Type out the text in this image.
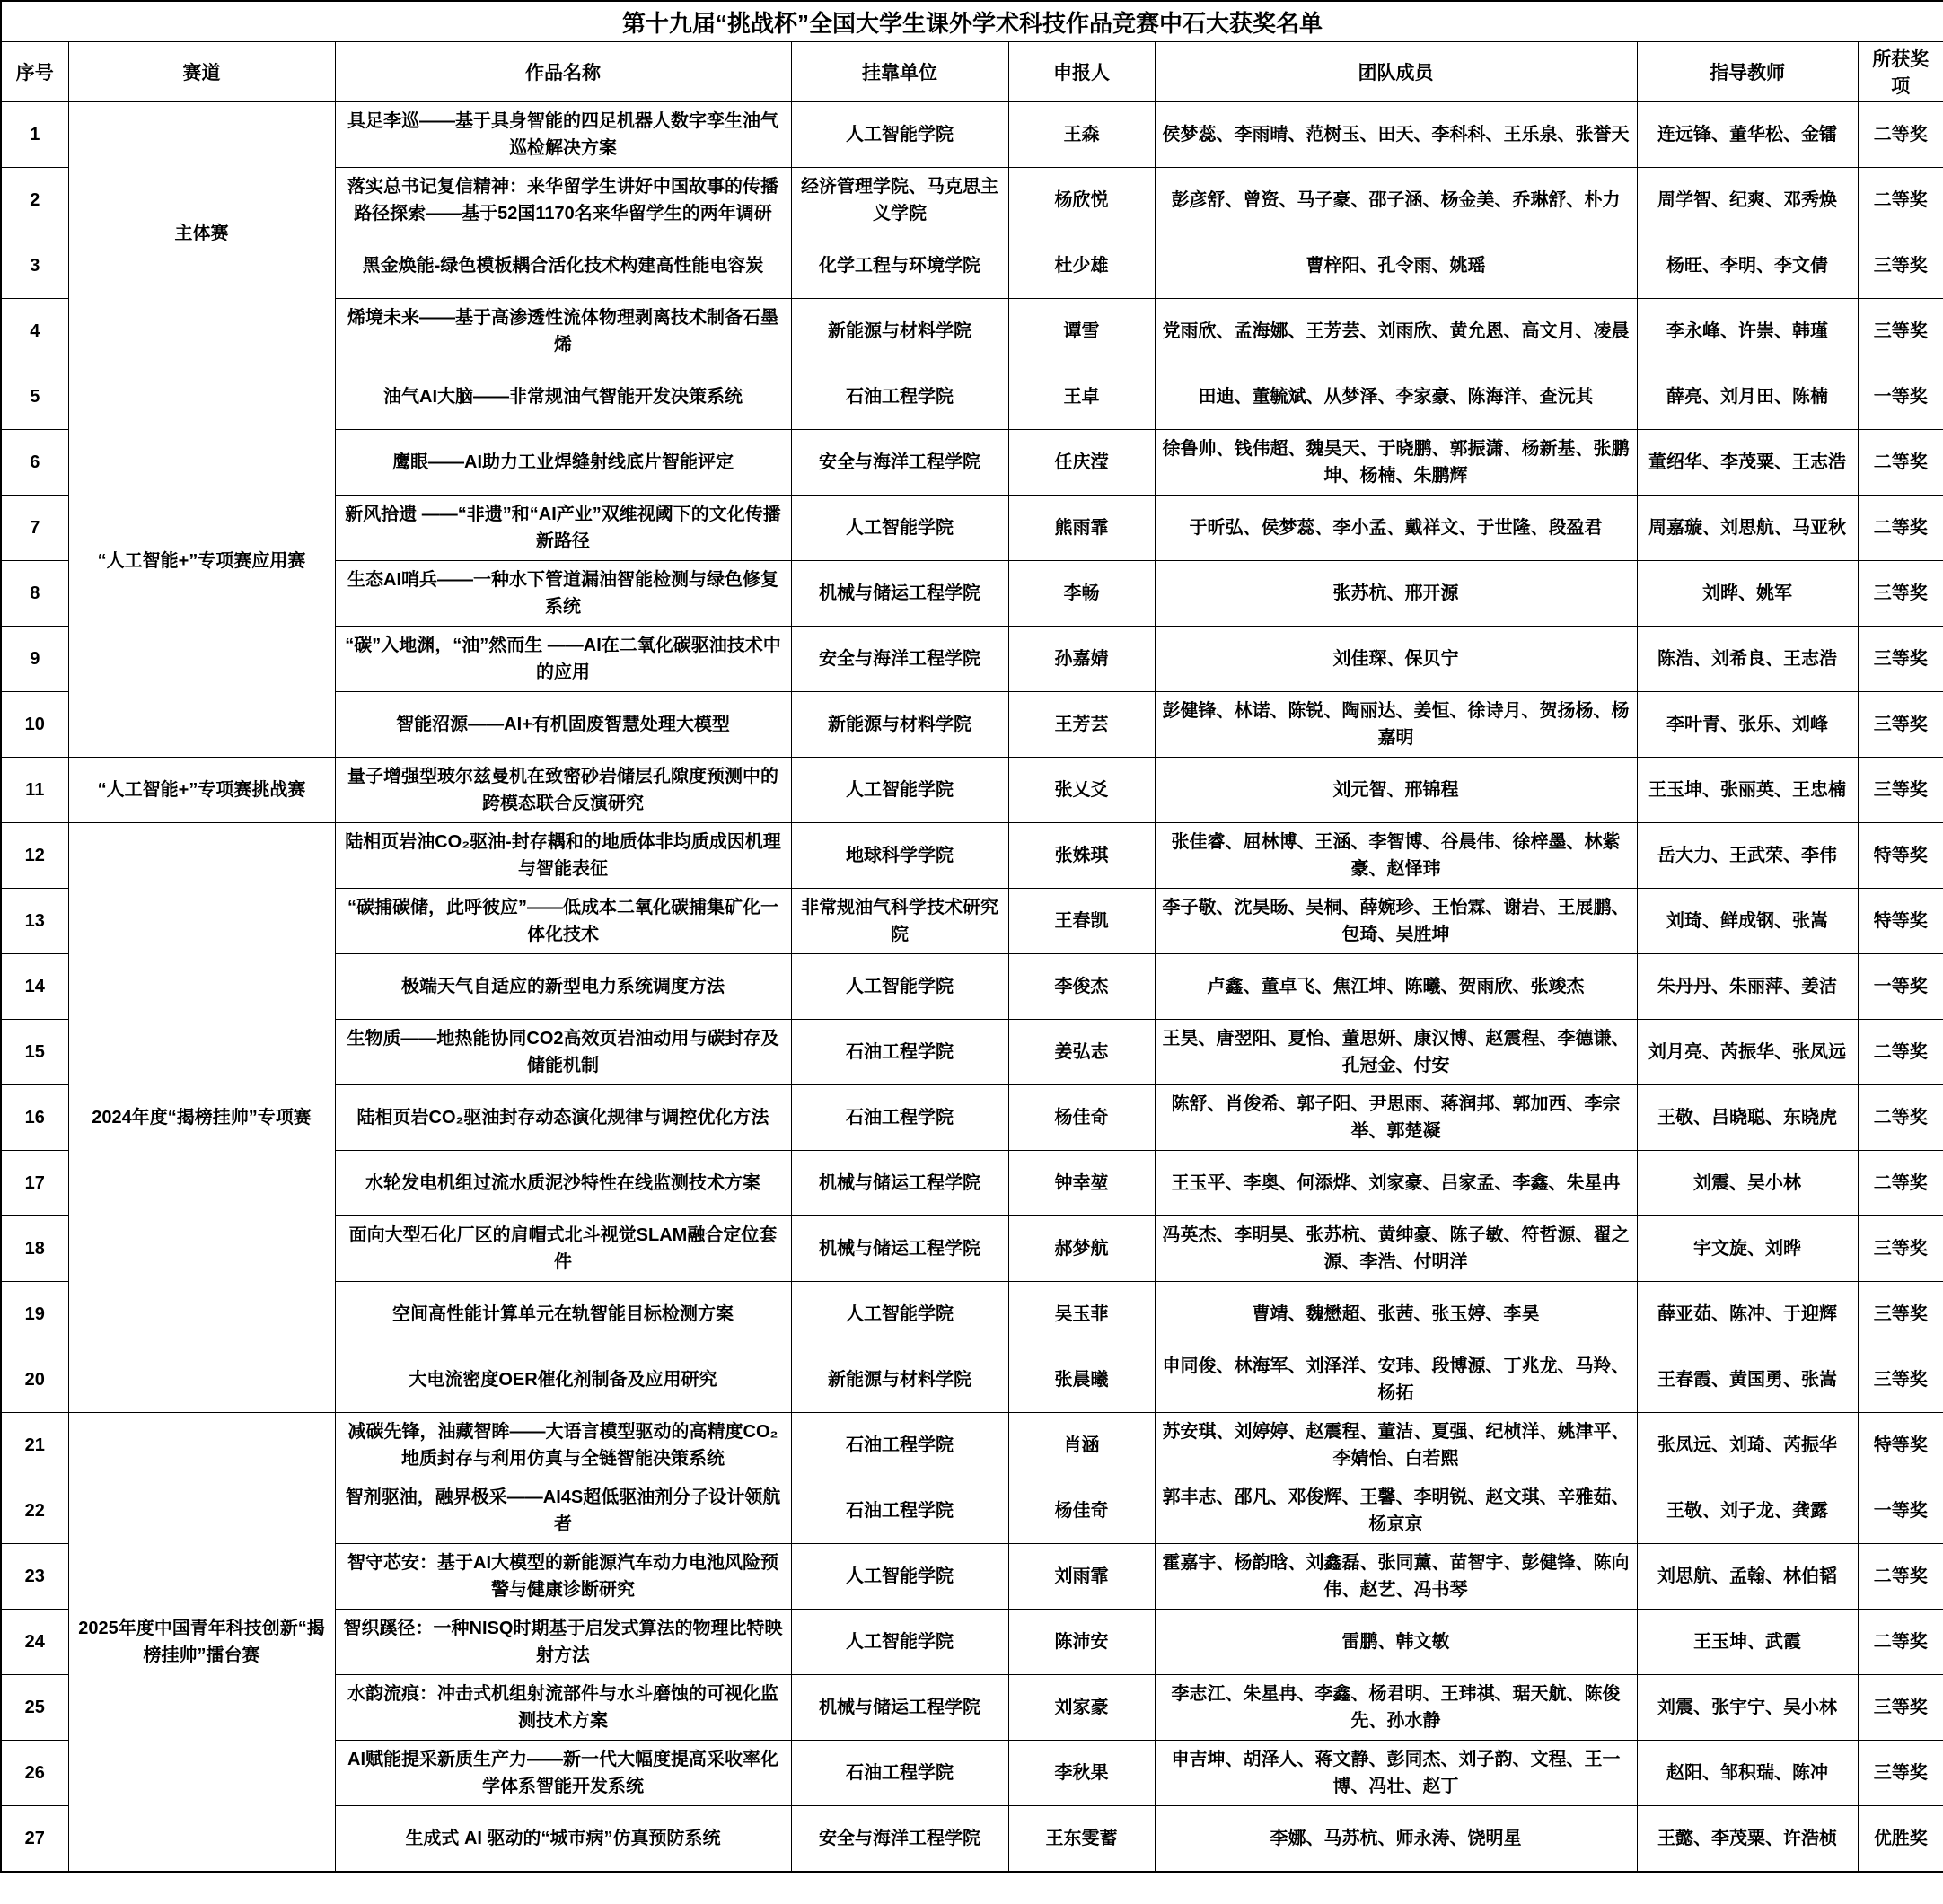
第十九届“挑战杯”全国大学生课外学术科技作品竞赛中石大获奖名单							
序号	赛道	作品名称	挂靠单位	申报人	团队成员	指导教师	所获奖项
1	主体赛	具足李巡——基于具身智能的四足机器人数字孪生油气巡检解决方案	人工智能学院	王森	侯梦蕊、李雨晴、范树玉、田天、李科科、王乐泉、张誉天	连远锋、董华松、金镭	二等奖
2		落实总书记复信精神：来华留学生讲好中国故事的传播路径探索——基于52国1170名来华留学生的两年调研	经济管理学院、马克思主义学院	杨欣悦	彭彦舒、曾资、马子豪、邵子涵、杨金美、乔琳舒、朴力	周学智、纪爽、邓秀焕	二等奖
3		黑金焕能-绿色模板耦合活化技术构建高性能电容炭	化学工程与环境学院	杜少雄	曹梓阳、孔令雨、姚瑶	杨旺、李明、李文倩	三等奖
4		烯境未来——基于高渗透性流体物理剥离技术制备石墨烯	新能源与材料学院	谭雪	党雨欣、孟海娜、王芳芸、刘雨欣、黄允恩、高文月、凌晨	李永峰、许崇、韩瑾	三等奖
5	“人工智能+”专项赛应用赛	油气AI大脑——非常规油气智能开发决策系统	石油工程学院	王卓	田迪、董毓斌、从梦泽、李家豪、陈海洋、查沅其	薛亮、刘月田、陈楠	一等奖
6		鹰眼——AI助力工业焊缝射线底片智能评定	安全与海洋工程学院	任庆滢	徐鲁帅、钱伟超、魏昊天、于晓鹏、郭振潇、杨新基、张鹏坤、杨楠、朱鹏辉	董绍华、李茂粟、王志浩	二等奖
7		新风拾遗 ——“非遗”和“AI产业”双维视阈下的文化传播新路径	人工智能学院	熊雨霏	于昕弘、侯梦蕊、李小孟、戴祥文、于世隆、段盈君	周嘉璇、刘思航、马亚秋	二等奖
8		生态AI哨兵——一种水下管道漏油智能检测与绿色修复系统	机械与储运工程学院	李畅	张苏杭、邢开源	刘晔、姚军	三等奖
9		“碳”入地渊，“油”然而生 ——AI在二氧化碳驱油技术中的应用	安全与海洋工程学院	孙嘉婧	刘佳琛、保贝宁	陈浩、刘希良、王志浩	三等奖
10		智能沼源——AI+有机固废智慧处理大模型	新能源与材料学院	王芳芸	彭健锋、林诺、陈锐、陶丽达、姜恒、徐诗月、贺扬杨、杨嘉明	李叶青、张乐、刘峰	三等奖
11	“人工智能+”专项赛挑战赛	量子增强型玻尔兹曼机在致密砂岩储层孔隙度预测中的跨模态联合反演研究	人工智能学院	张乂爻	刘元智、邢锦程	王玉坤、张丽英、王忠楠	三等奖
12	2024年度“揭榜挂帅”专项赛	陆相页岩油CO₂驱油-封存耦和的地质体非均质成因机理与智能表征	地球科学学院	张姝琪	张佳睿、屈林博、王涵、李智博、谷晨伟、徐梓墨、林紫豪、赵怿玮	岳大力、王武荣、李伟	特等奖
13		“碳捕碳储，此呼彼应”——低成本二氧化碳捕集矿化一体化技术	非常规油气科学技术研究院	王春凯	李子敬、沈昊旸、吴桐、薛婉珍、王怡霖、谢岩、王展鹏、包琦、吴胜坤	刘琦、鲜成钢、张嵩	特等奖
14		极端天气自适应的新型电力系统调度方法	人工智能学院	李俊杰	卢鑫、董卓飞、焦江坤、陈曦、贺雨欣、张竣杰	朱丹丹、朱丽萍、姜洁	一等奖
15		生物质——地热能协同CO2高效页岩油动用与碳封存及储能机制	石油工程学院	姜弘志	王昊、唐翌阳、夏怡、董思妍、康汉博、赵震程、李德谦、孔冠金、付安	刘月亮、芮振华、张凤远	二等奖
16		陆相页岩CO₂驱油封存动态演化规律与调控优化方法	石油工程学院	杨佳奇	陈舒、肖俊希、郭子阳、尹思雨、蒋润邦、郭加西、李宗举、郭楚凝	王敬、吕晓聪、东晓虎	二等奖
17		水轮发电机组过流水质泥沙特性在线监测技术方案	机械与储运工程学院	钟幸堃	王玉平、李奥、何添烨、刘家豪、吕家孟、李鑫、朱星冉	刘震、吴小林	二等奖
18		面向大型石化厂区的肩帽式北斗视觉SLAM融合定位套件	机械与储运工程学院	郝梦航	冯英杰、李明昊、张苏杭、黄绅豪、陈子敏、符哲源、翟之源、李浩、付明洋	宇文旋、刘晔	三等奖
19		空间高性能计算单元在轨智能目标检测方案	人工智能学院	吴玉菲	曹靖、魏懋超、张茜、张玉婷、李昊	薛亚茹、陈冲、于迎辉	三等奖
20		大电流密度OER催化剂制备及应用研究	新能源与材料学院	张晨曦	申同俊、林海军、刘泽洋、安玮、段博源、丁兆龙、马羚、杨拓	王春霞、黄国勇、张嵩	三等奖
21	2025年度中国青年科技创新“揭榜挂帅”擂台赛	减碳先锋，油藏智眸——大语言模型驱动的高精度CO₂地质封存与利用仿真与全链智能决策系统	石油工程学院	肖涵	苏安琪、刘婷婷、赵震程、董洁、夏强、纪桢洋、姚津平、李婧怡、白若熙	张凤远、刘琦、芮振华	特等奖
22		智剂驱油，融界极采——AI4S超低驱油剂分子设计领航者	石油工程学院	杨佳奇	郭丰志、邵凡、邓俊辉、王馨、李明锐、赵文琪、辛雅茹、杨京京	王敬、刘子龙、龚露	一等奖
23		智守芯安：基于AI大模型的新能源汽车动力电池风险预警与健康诊断研究	人工智能学院	刘雨霏	霍嘉宇、杨韵晗、刘鑫磊、张同薰、苗智宇、彭健锋、陈向伟、赵艺、冯书琴	刘思航、孟翰、林伯韬	二等奖
24		智织蹊径：一种NISQ时期基于启发式算法的物理比特映射方法	人工智能学院	陈沛安	雷鹏、韩文敏	王玉坤、武霞	二等奖
25		水韵流痕：冲击式机组射流部件与水斗磨蚀的可视化监测技术方案	机械与储运工程学院	刘家豪	李志江、朱星冉、李鑫、杨君明、王玮祺、琚天航、陈俊先、孙水静	刘震、张宇宁、吴小林	三等奖
26		AI赋能提采新质生产力——新一代大幅度提高采收率化学体系智能开发系统	石油工程学院	李秋果	申吉坤、胡泽人、蒋文静、彭同杰、刘子韵、文程、王一博、冯壮、赵丁	赵阳、邹积瑞、陈冲	三等奖
27		生成式 AI 驱动的“城市病”仿真预防系统	安全与海洋工程学院	王东雯蓄	李娜、马苏杭、师永涛、饶明星	王懿、李茂粟、许浩桢	优胜奖
